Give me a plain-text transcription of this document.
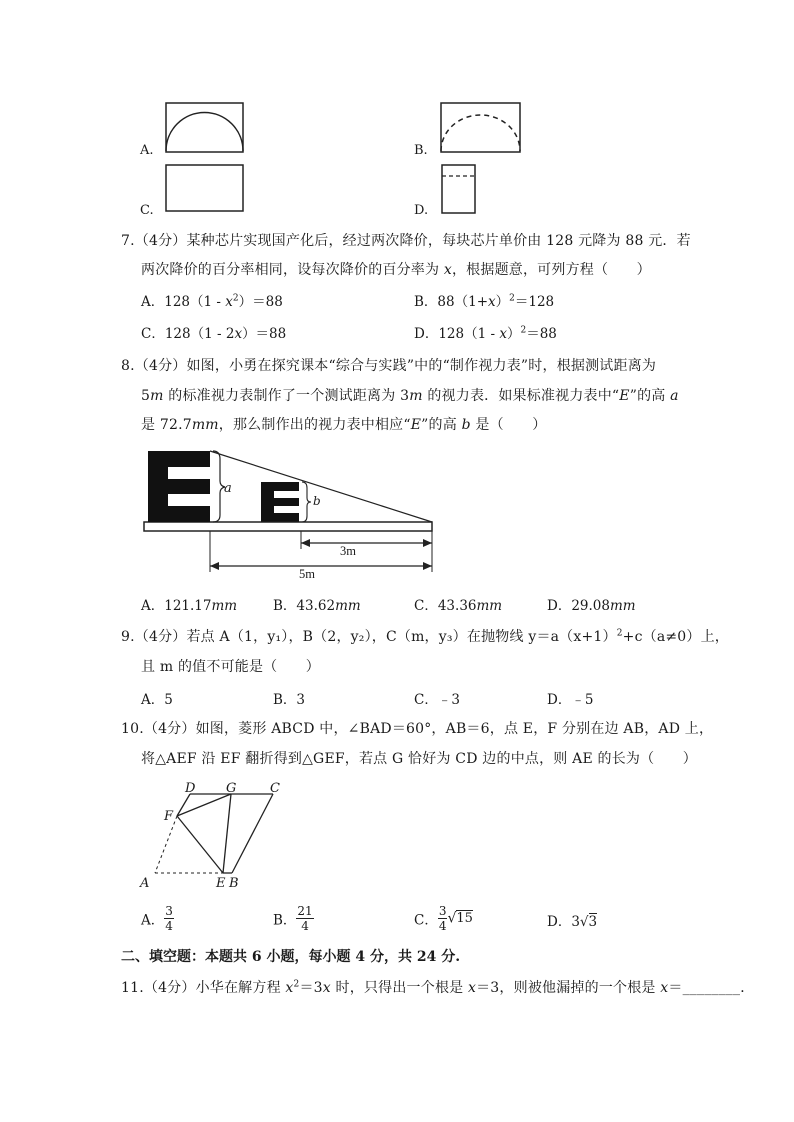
A.	B.
C.	D.
7.（4分）某种芯片实现国产化后，经过两次降价，每块芯片单价由 128 元降为 88 元．若
两次降价的百分率相同，设每次降价的百分率为 x，根据题意，可列方程（　　）
A．$128(1 - x^2)=88$	B．$88(1+x)^2=128$
C．128（1 - 2x）＝88	D．128（1 - x）$^2$＝88
8.（4分）如图，小勇在探究课本“综合与实践”中的“制作视力表”时，根据测试距离为
5m 的标准视力表制作了一个测试距离为 3m 的视力表．如果标准视力表中“E”的高 a
是 72.7mm，那么制作出的视力表中相应“E”的高 b 是（　　）
a
b
3m
5m
A．121.17mm	B．43.62mm	C．43.36mm	D．29.08mm
9.（4分）若点 A（1，y₁），B（2，y₂），C（m，y₃）在抛物线 $y=a(x+1)^2+c(a\ne 0)$上，
且 m 的值不可能是（　　）
A．5	B．3	C．﹣3	D．﹣5
10.（4分）如图，菱形 ABCD 中，∠BAD＝60°，AB＝6，点 E，F 分别在边 AB，AD 上，
将△AEF 沿 EF 翻折得到△GEF，若点 G 恰好为 CD 边的中点，则 AE 的长为（　　）
D G	C
F
A	E B
A． $\frac{3}{4}$	B． $\frac{21}{4}$	C． $\frac{3}{4} √15$	D．3√3
二、填空题：本题共 6 小题，每小题 4 分，共 24 分.
11.（4分）小华在解方程 $x^2=3x$ 时，只得出一个根是 x＝3，则被他漏掉的一个根是 x＝________．
